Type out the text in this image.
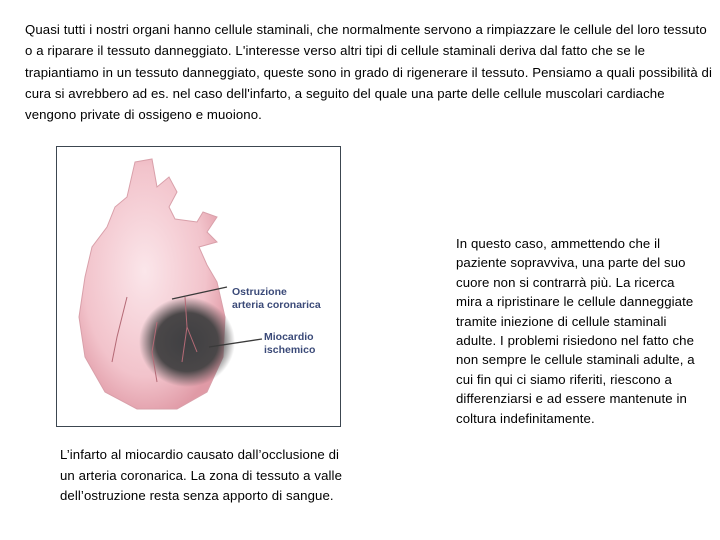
Quasi tutti i nostri organi hanno cellule staminali, che normalmente servono a rimpiazzare le cellule del loro tessuto o a riparare il tessuto danneggiato. L'interesse verso altri tipi di cellule staminali deriva dal fatto che se le trapiantiamo in un tessuto danneggiato, queste sono in grado di rigenerare il tessuto. Pensiamo a quali possibilità di cura si avrebbero ad es. nel caso dell'infarto, a seguito del quale una parte delle cellule muscolari cardiache vengono private di ossigeno e muoiono.
Ostruzione
arteria coronarica
Miocardio
ischemico
L’infarto al miocardio causato dall’occlusione di un arteria coronarica. La zona di tessuto a valle dell’ostruzione resta senza apporto di sangue.
In questo caso, ammettendo che il paziente sopravviva, una parte del suo cuore non si contrarrà più. La ricerca mira a ripristinare le cellule danneggiate tramite iniezione di cellule staminali adulte. I problemi risiedono nel fatto che non sempre le cellule staminali adulte, a cui fin qui ci siamo riferiti, riescono a differenziarsi e ad essere mantenute in coltura indefinitamente.
